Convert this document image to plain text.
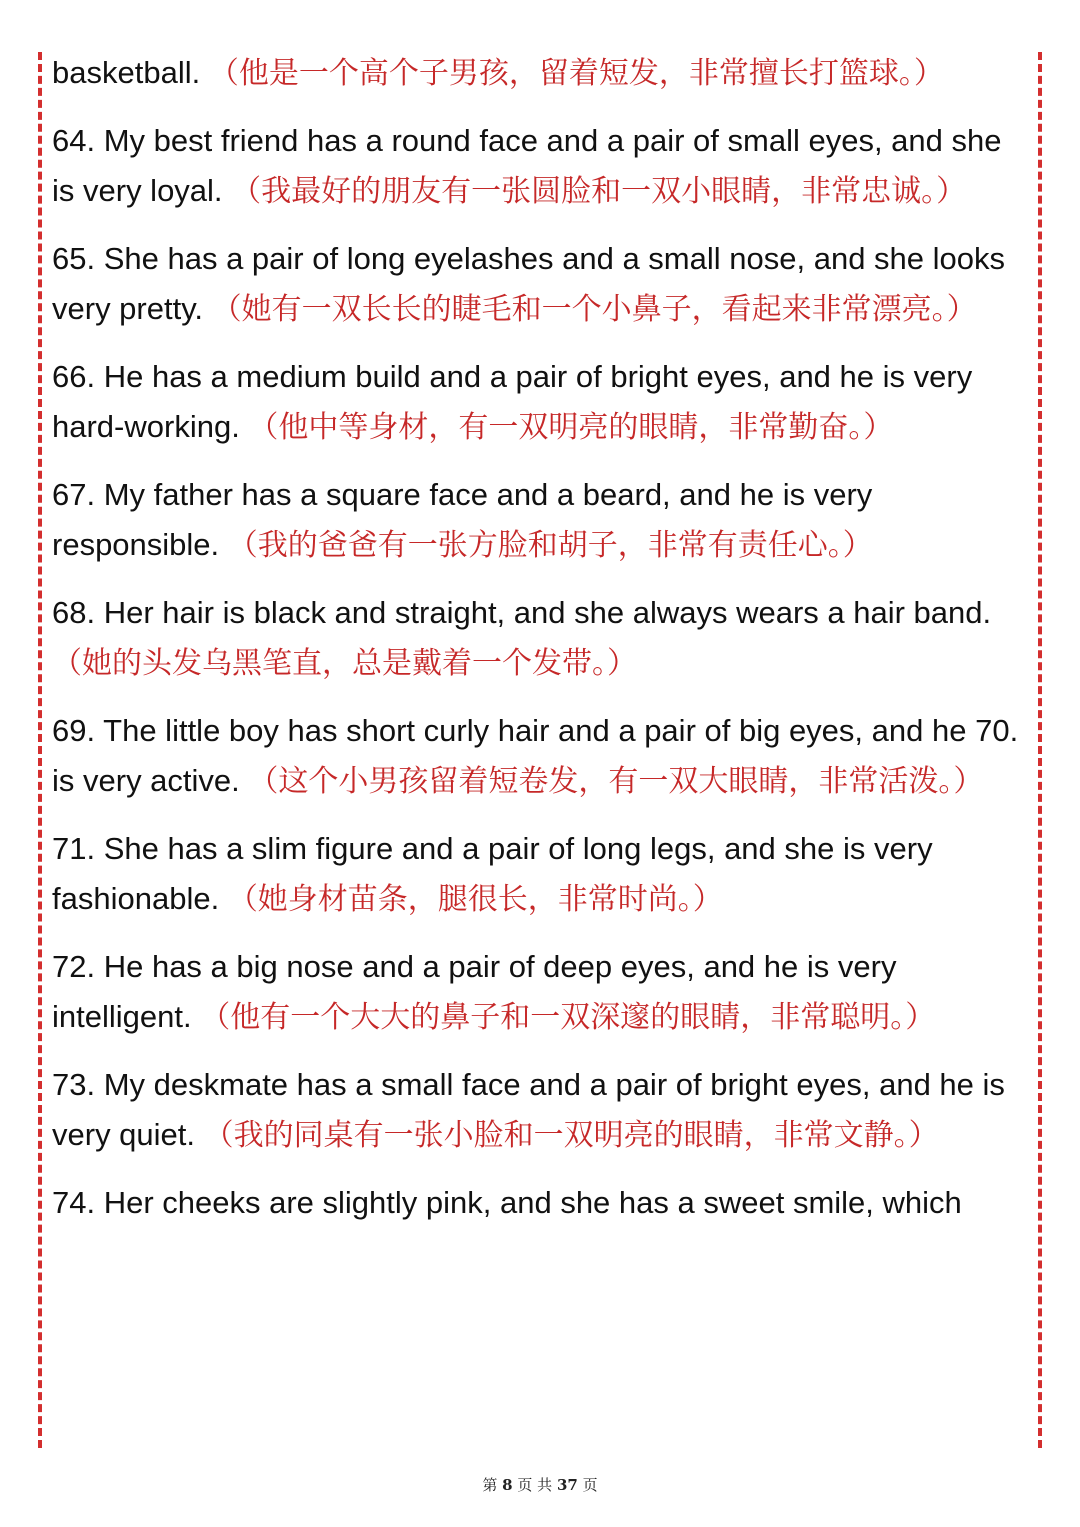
basketball. （他是一个高个子男孩，留着短发，非常擅长打篮球。）

64. My best friend has a round face and a pair of small eyes, and she is very loyal. （我最好的朋友有一张圆脸和一双小眼睛，非常忠诚。）

65. She has a pair of long eyelashes and a small nose, and she looks very pretty. （她有一双长长的睫毛和一个小鼻子，看起来非常漂亮。）

66. He has a medium build and a pair of bright eyes, and he is very hard-working. （他中等身材，有一双明亮的眼睛，非常勤奋。）

67. My father has a square face and a beard, and he is very responsible. （我的爸爸有一张方脸和胡子，非常有责任心。）

68. Her hair is black and straight, and she always wears a hair band. （她的头发乌黑笔直，总是戴着一个发带。）

69. The little boy has short curly hair and a pair of big eyes, and he 70. is very active. （这个小男孩留着短卷发，有一双大眼睛，非常活泼。）

71. She has a slim figure and a pair of long legs, and she is very fashionable. （她身材苗条，腿很长，非常时尚。）

72. He has a big nose and a pair of deep eyes, and he is very intelligent. （他有一个大大的鼻子和一双深邃的眼睛，非常聪明。）

73. My deskmate has a small face and a pair of bright eyes, and he is very quiet. （我的同桌有一张小脸和一双明亮的眼睛，非常文静。）

74. Her cheeks are slightly pink, and she has a sweet smile, which

第 8 页 共 37 页
